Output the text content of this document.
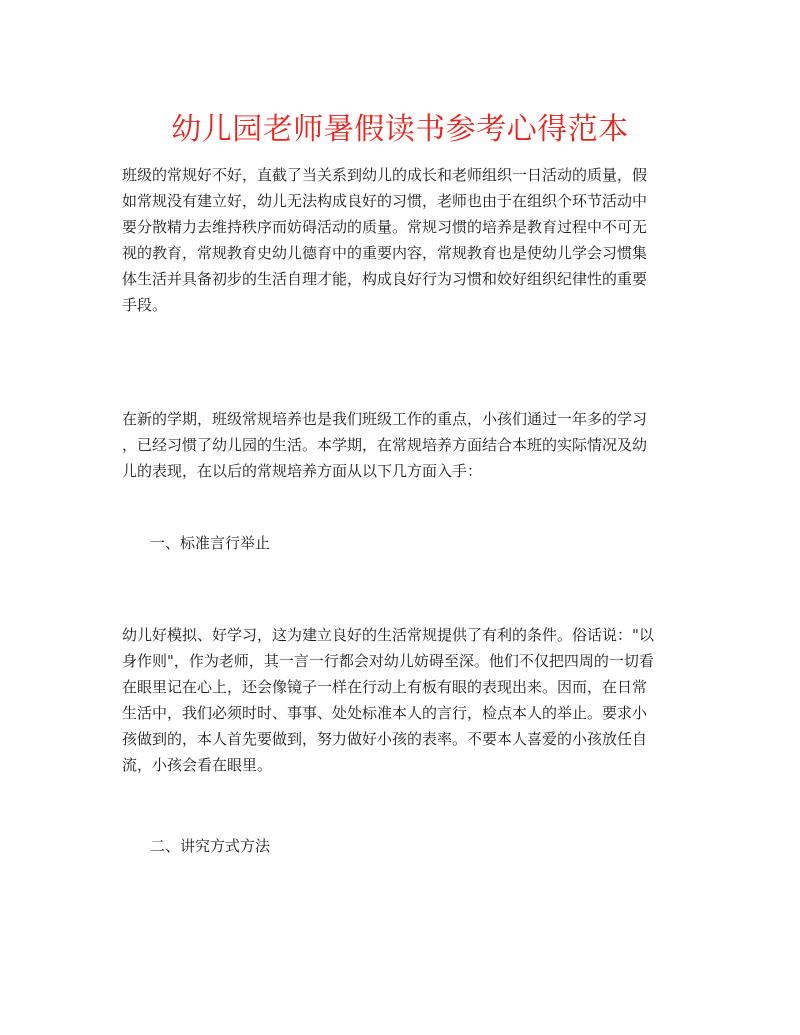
幼儿园老师暑假读书参考心得范本
班级的常规好不好，直截了当关系到幼儿的成长和老师组织一日活动的质量，假
如常规没有建立好，幼儿无法构成良好的习惯，老师也由于在组织个环节活动中
要分散精力去维持秩序而妨碍活动的质量。常规习惯的培养是教育过程中不可无
视的教育，常规教育史幼儿德育中的重要内容，常规教育也是使幼儿学会习惯集
体生活并具备初步的生活自理才能，构成良好行为习惯和姣好组织纪律性的重要
手段。
在新的学期，班级常规培养也是我们班级工作的重点，小孩们通过一年多的学习
，已经习惯了幼儿园的生活。本学期，在常规培养方面结合本班的实际情况及幼
儿的表现，在以后的常规培养方面从以下几方面入手：
一、标准言行举止
幼儿好模拟、好学习，这为建立良好的生活常规提供了有利的条件。俗话说："以
身作则"，作为老师，其一言一行都会对幼儿妨碍至深。他们不仅把四周的一切看
在眼里记在心上，还会像镜子一样在行动上有板有眼的表现出来。因而，在日常
生活中，我们必须时时、事事、处处标准本人的言行，检点本人的举止。要求小
孩做到的，本人首先要做到，努力做好小孩的表率。不要本人喜爱的小孩放任自
流，小孩会看在眼里。
二、讲究方式方法
